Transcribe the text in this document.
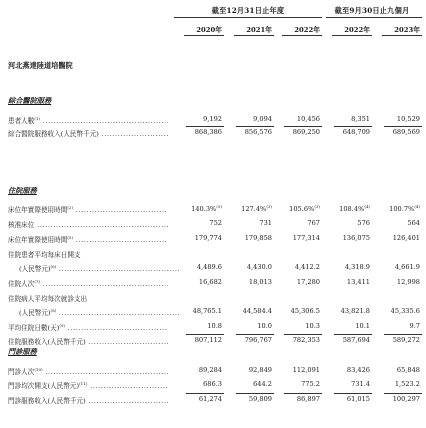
截至12月31日止年度	截至9月30日止九個月
河北燕達陸道培醫院
2020年	2021年	2022年	2022年	2023年
綜合醫院服務
患者人數$^{(1)}$ .....	9,192	9,094	10,456	8,351	10,529
綜合醫院服務收入(人民幣千元) .....	868,386	856,576	869,250	648,709	689,569
住院服務
床位年實際使用時間$^{(2)}$ .....	140.3%$^{(3)}$	127.4%$^{(3)}$	105.6%$^{(3)}$	108.4%$^{(4)}$	100.7%$^{(4)}$
核准床位 .....	752	731	767	576	564
床位年實際使用時間$^{(5)}$ .....	179,774	179,858	177,314	136,075	126,401
住院患者平均每床日開支
(人民幣元)$^{(6)}$ .....	4,489.6	4,430.0	4,412.2	4,318.9	4,661.9
住院人次$^{(7)}$ .....	16,682	18,013	17,280	13,411	12,998
住院病人平均每次就診支出
(人民幣元)$^{(8)}$ .....	48,765.1	44,584.4	45,306.5	43,821.8	45,335.6
平均住院日數(天)$^{(9)}$ .....	10.8	10.0	10.3	10.1	9.7
住院服務收入(人民幣千元) .....	807,112	796,767	782,353	587,694	589,272
門診服務
門診人次$^{(10)}$ .....	89,284	92,849	112,091	83,426	65,848
門診均次開支(人民幣元)$^{(11)}$ .....	686.3	644.2	775.2	731.4	1,523.2
門診服務收入(人民幣千元) .....	61,274	59,809	86,897	61,015	100,297
